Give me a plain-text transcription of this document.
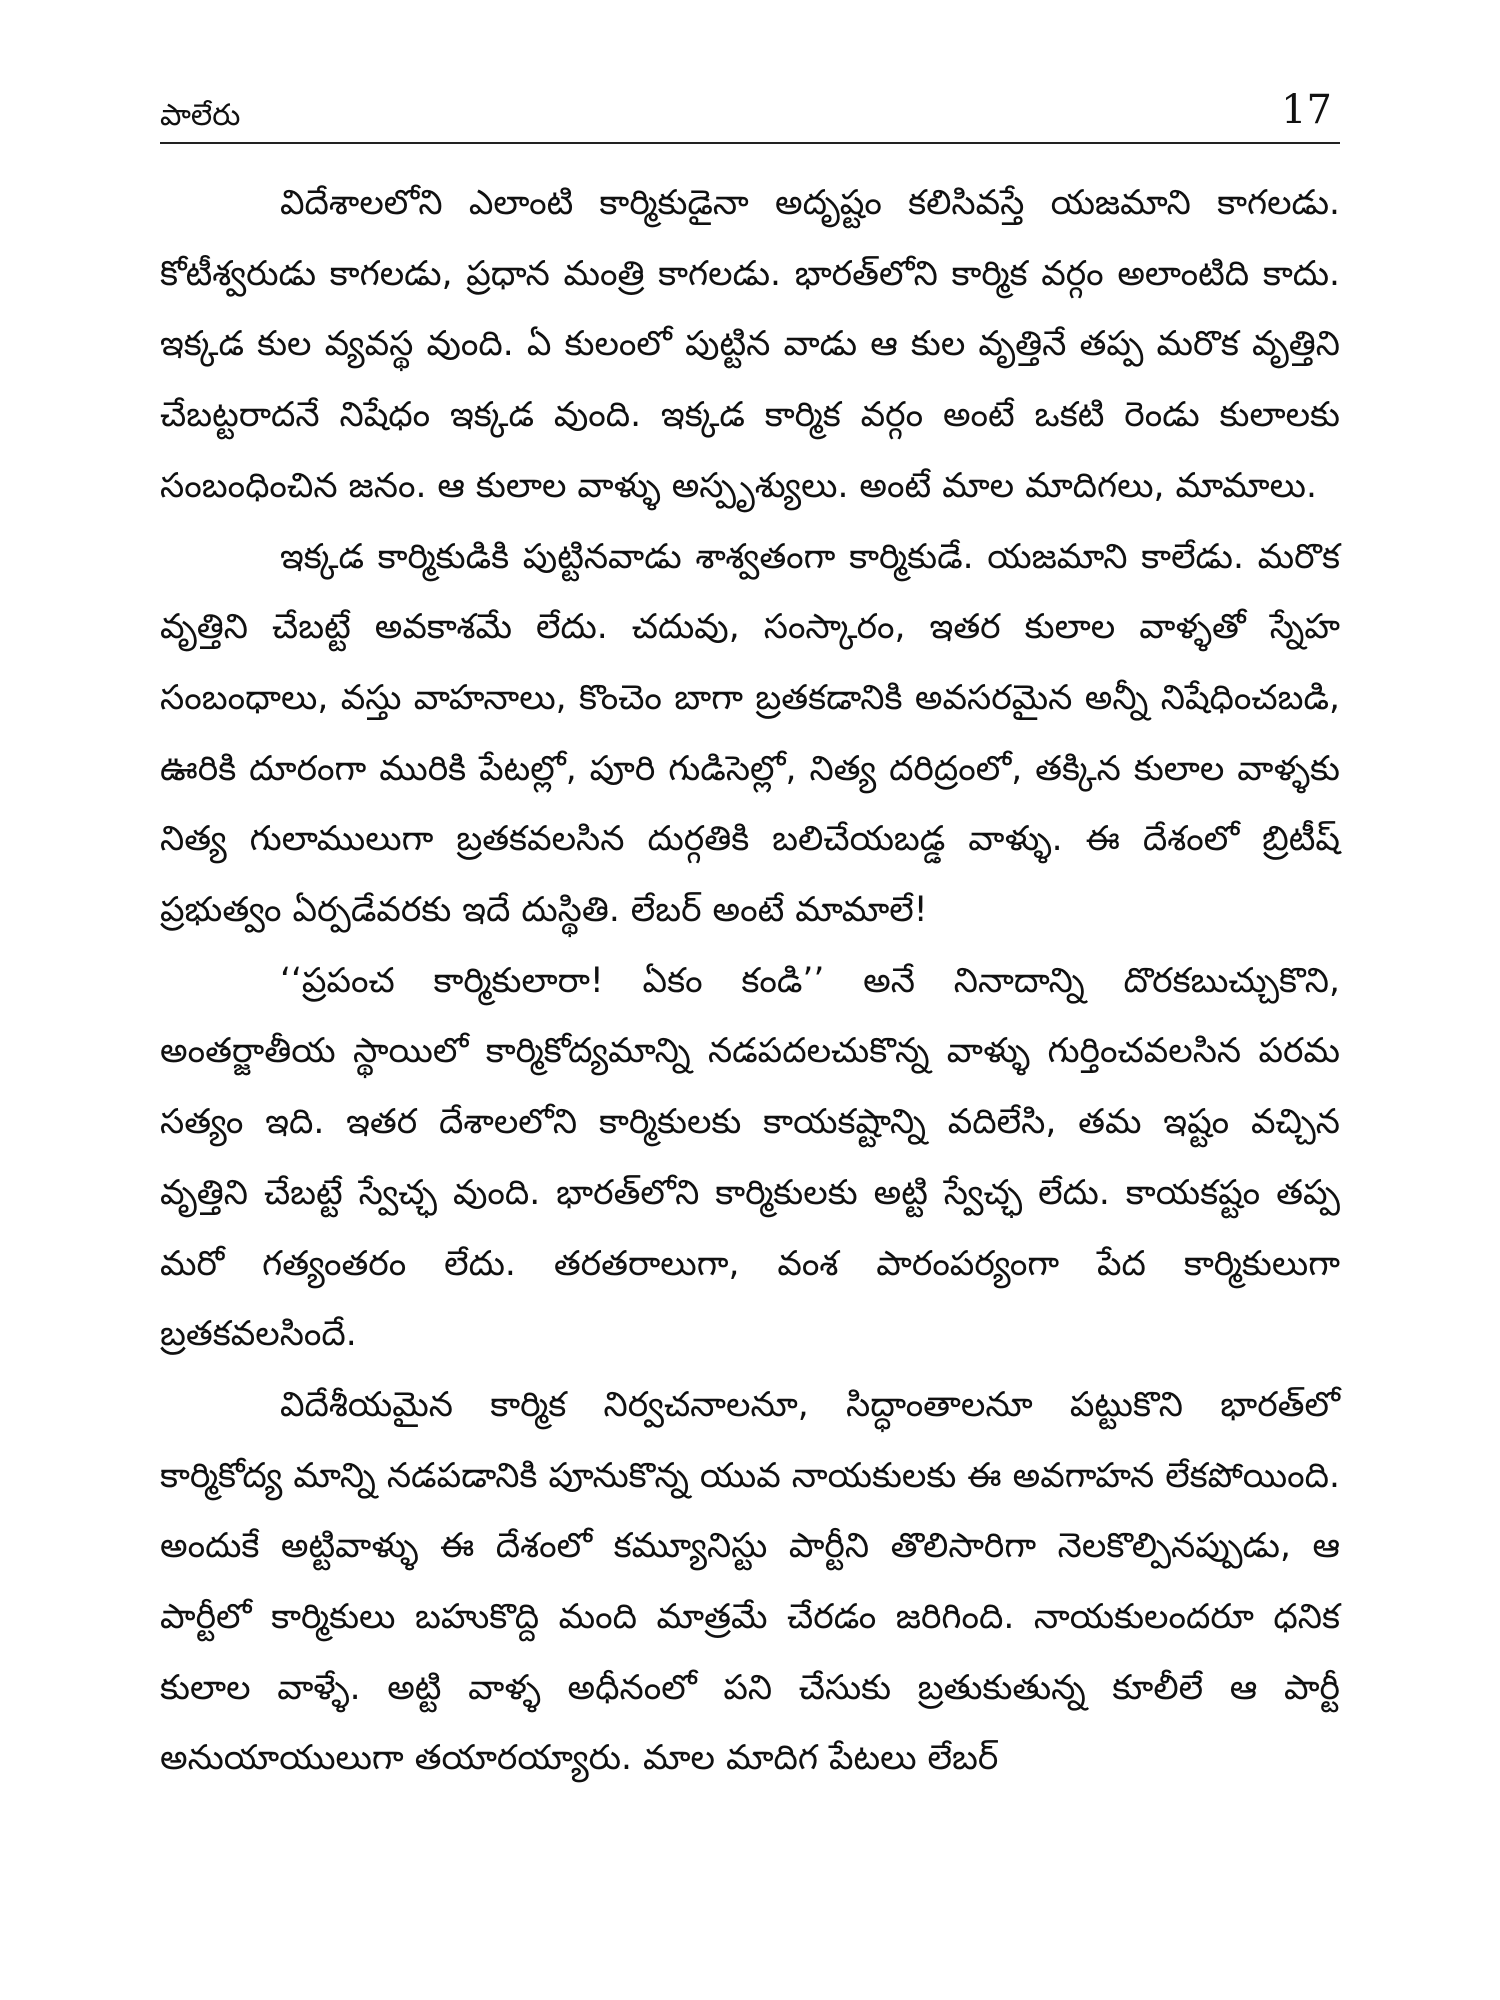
పాలేరు	17

విదేశాలలోని ఎలాంటి కార్మికుడైనా అదృష్టం కలిసివస్తే యజమాని కాగలడు. కోటీశ్వరుడు కాగలడు, ప్రధాన మంత్రి కాగలడు. భారత్‌లోని కార్మిక వర్గం అలాంటిది కాదు. ఇక్కడ కుల వ్యవస్థ వుంది. ఏ కులంలో పుట్టిన వాడు ఆ కుల వృత్తినే తప్ప మరొక వృత్తిని చేబట్టరాదనే నిషేధం ఇక్కడ వుంది. ఇక్కడ కార్మిక వర్గం అంటే ఒకటి రెండు కులాలకు సంబంధించిన జనం. ఆ కులాల వాళ్ళు అస్పృశ్యులు. అంటే మాల మాదిగలు, మామాలు.

ఇక్కడ కార్మికుడికి పుట్టినవాడు శాశ్వతంగా కార్మికుడే. యజమాని కాలేడు. మరొక వృత్తిని చేబట్టే అవకాశమే లేదు. చదువు, సంస్కారం, ఇతర కులాల వాళ్ళతో స్నేహ సంబంధాలు, వస్తు వాహనాలు, కొంచెం బాగా బ్రతకడానికి అవసరమైన అన్నీ నిషేధించబడి, ఊరికి దూరంగా మురికి పేటల్లో, పూరి గుడిసెల్లో, నిత్య దరిద్రంలో, తక్కిన కులాల వాళ్ళకు నిత్య గులాములుగా బ్రతకవలసిన దుర్గతికి బలిచేయబడ్డ వాళ్ళు. ఈ దేశంలో బ్రిటీష్ ప్రభుత్వం ఏర్పడేవరకు ఇదే దుస్థితి. లేబర్ అంటే మామాలే!

‘‘ప్రపంచ కార్మికులారా! ఏకం కండి’’ అనే నినాదాన్ని దొరకబుచ్చుకొని, అంతర్జాతీయ స్థాయిలో కార్మికోద్యమాన్ని నడపదలచుకొన్న వాళ్ళు గుర్తించవలసిన పరమ సత్యం ఇది. ఇతర దేశాలలోని కార్మికులకు కాయకష్టాన్ని వదిలేసి, తమ ఇష్టం వచ్చిన వృత్తిని చేబట్టే స్వేచ్ఛ వుంది. భారత్‌లోని కార్మికులకు అట్టి స్వేచ్ఛ లేదు. కాయకష్టం తప్ప మరో గత్యంతరం లేదు. తరతరాలుగా, వంశ పారంపర్యంగా పేద కార్మికులుగా బ్రతకవలసిందే.

విదేశీయమైన కార్మిక నిర్వచనాలనూ, సిద్ధాంతాలనూ పట్టుకొని భారత్‌లో కార్మికోద్య మాన్ని నడపడానికి పూనుకొన్న యువ నాయకులకు ఈ అవగాహన లేకపోయింది. అందుకే అట్టివాళ్ళు ఈ దేశంలో కమ్యూనిస్టు పార్టీని తొలిసారిగా నెలకొల్పినప్పుడు, ఆ పార్టీలో కార్మికులు బహుకొద్ది మంది మాత్రమే చేరడం జరిగింది. నాయకులందరూ ధనిక కులాల వాళ్ళే. అట్టి వాళ్ళ అధీనంలో పని చేసుకు బ్రతుకుతున్న కూలీలే ఆ పార్టీ అనుయాయులుగా తయారయ్యారు. మాల మాదిగ పేటలు లేబర్
